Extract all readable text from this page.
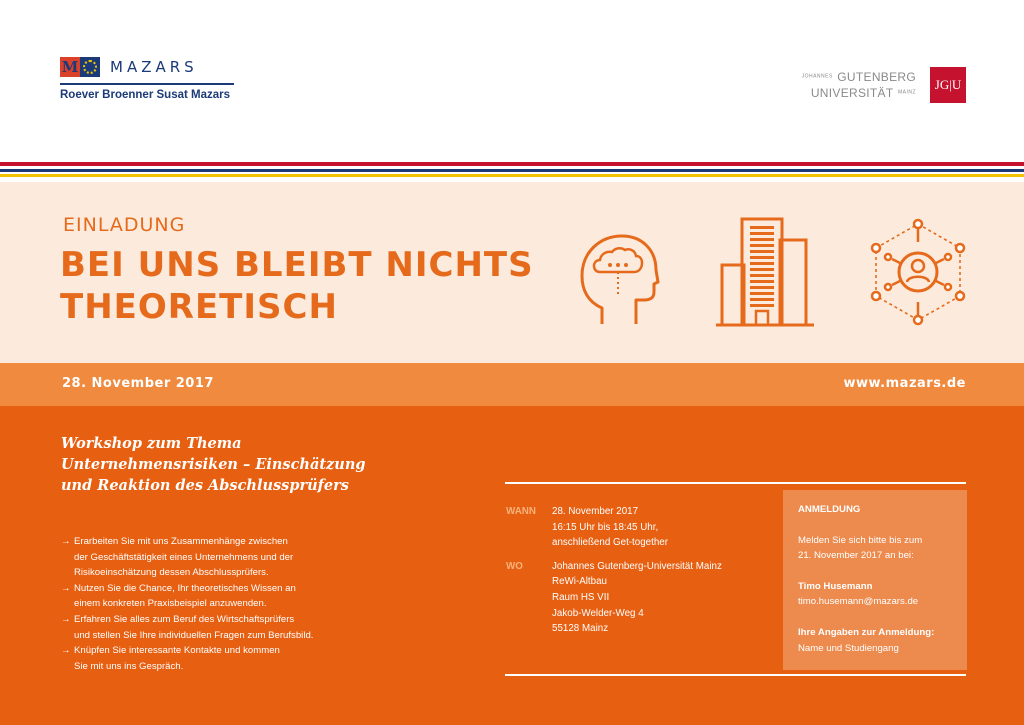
M MAZARS
Roever Broenner Susat Mazars
JOHANNES GUTENBERG
UNIVERSITÄT MAINZ
JG|U
EINLADUNG
BEI UNS BLEIBT NICHTS
THEORETISCH
28. November 2017	www.mazars.de
Workshop zum Thema
Unternehmensrisiken – Einschätzung
und Reaktion des Abschlussprüfers
→ Erarbeiten Sie mit uns Zusammenhänge zwischen
der Geschäftstätigkeit eines Unternehmens und der
Risikoeinschätzung dessen Abschlussprüfers.
→ Nutzen Sie die Chance, Ihr theoretisches Wissen an
einem konkreten Praxisbeispiel anzuwenden.
→ Erfahren Sie alles zum Beruf des Wirtschaftsprüfers
und stellen Sie Ihre individuellen Fragen zum Berufsbild.
→ Knüpfen Sie interessante Kontakte und kommen
Sie mit uns ins Gespräch.
WANN	28. November 2017
16:15 Uhr bis 18:45 Uhr,
anschließend Get-together
WO	Johannes Gutenberg-Universität Mainz
ReWi-Altbau
Raum HS VII
Jakob-Welder-Weg 4
55128 Mainz
ANMELDUNG
Melden Sie sich bitte bis zum
21. November 2017 an bei:
Timo Husemann
timo.husemann@mazars.de
Ihre Angaben zur Anmeldung:
Name und Studiengang
